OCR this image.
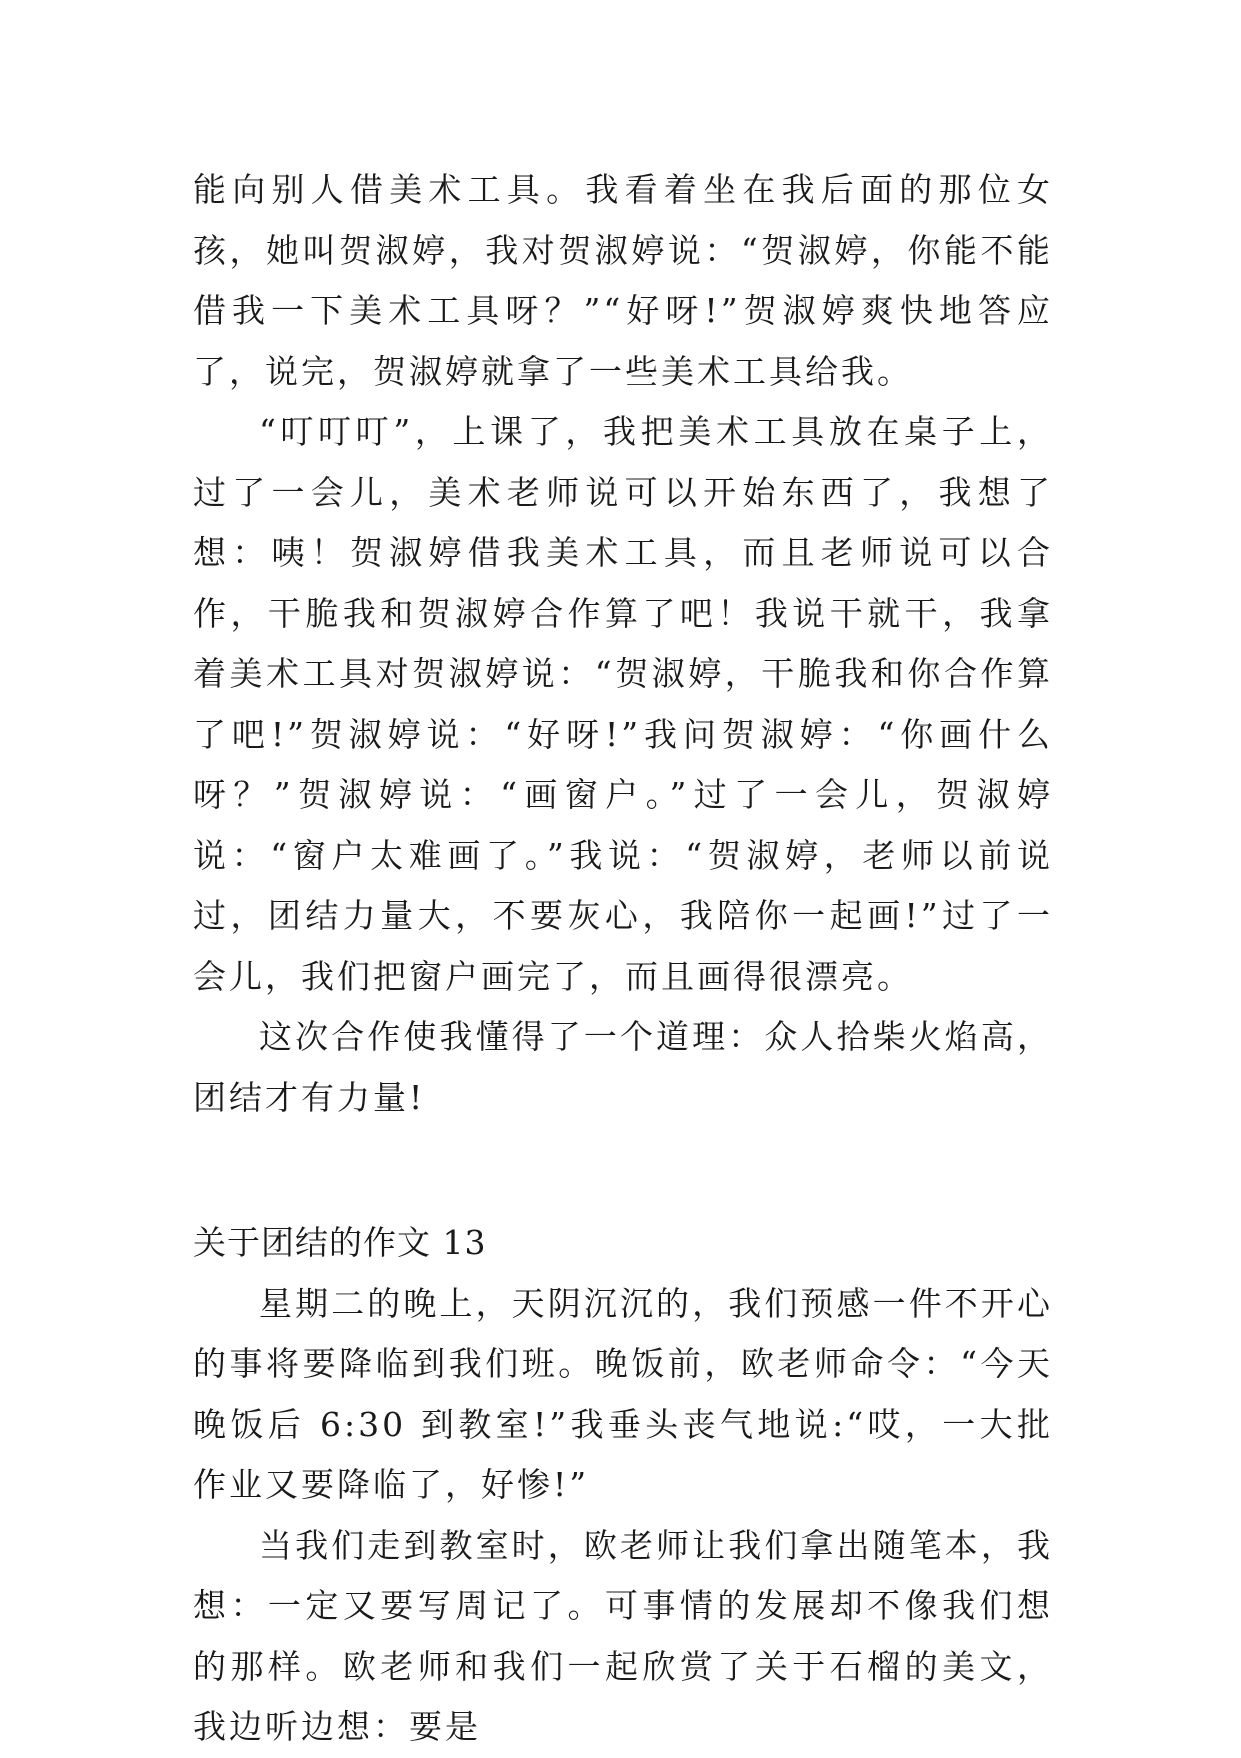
能向别人借美术工具。我看着坐在我后面的那位女孩，她叫贺淑婷，我对贺淑婷说：“贺淑婷，你能不能借我一下美术工具呀？”“好呀!”贺淑婷爽快地答应了，说完，贺淑婷就拿了一些美术工具给我。

“叮叮叮”，上课了，我把美术工具放在桌子上，过了一会儿，美术老师说可以开始东西了，我想了想：咦！贺淑婷借我美术工具，而且老师说可以合作，干脆我和贺淑婷合作算了吧！我说干就干，我拿着美术工具对贺淑婷说：“贺淑婷，干脆我和你合作算了吧!”贺淑婷说：“好呀!”我问贺淑婷：“你画什么呀？”贺淑婷说：“画窗户。”过了一会儿，贺淑婷说：“窗户太难画了。”我说：“贺淑婷，老师以前说过，团结力量大，不要灰心，我陪你一起画!”过了一会儿，我们把窗户画完了，而且画得很漂亮。

这次合作使我懂得了一个道理：众人拾柴火焰高，团结才有力量!

关于团结的作文 13

星期二的晚上，天阴沉沉的，我们预感一件不开心的事将要降临到我们班。晚饭前，欧老师命令：“今天晚饭后 6:30 到教室!”我垂头丧气地说:“哎，一大批作业又要降临了，好惨!”

当我们走到教室时，欧老师让我们拿出随笔本，我想：一定又要写周记了。可事情的发展却不像我们想的那样。欧老师和我们一起欣赏了关于石榴的美文，我边听边想：要是
